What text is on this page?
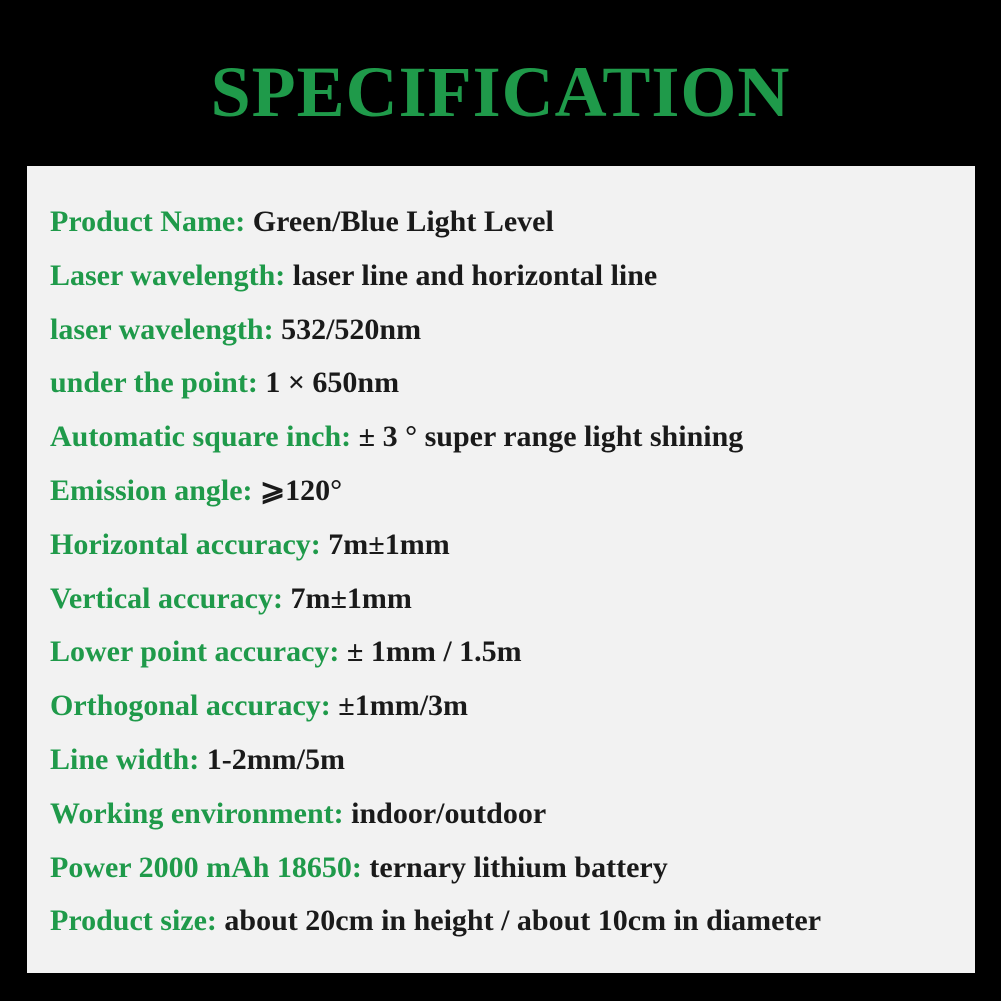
SPECIFICATION
Product Name: Green/Blue Light Level
Laser wavelength: laser line and horizontal line
laser wavelength: 532/520nm
under the point: 1 × 650nm
Automatic square inch: ± 3 ° super range light shining
Emission angle: ⩾120°
Horizontal accuracy: 7m±1mm
Vertical accuracy: 7m±1mm
Lower point accuracy: ± 1mm / 1.5m
Orthogonal accuracy: ±1mm/3m
Line width: 1-2mm/5m
Working environment: indoor/outdoor
Power 2000 mAh 18650: ternary lithium battery
Product size: about 20cm in height / about 10cm in diameter
